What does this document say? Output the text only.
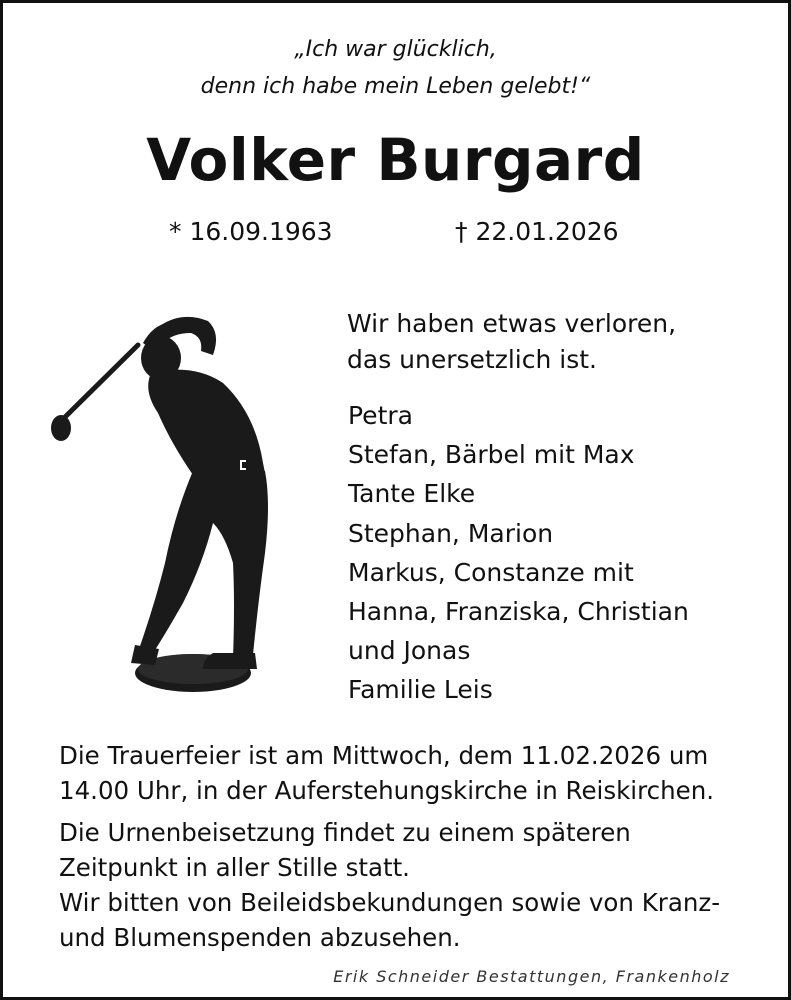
„Ich war glücklich,
denn ich habe mein Leben gelebt!“
Volker Burgard
* 16.09.1963	† 22.01.2026
Wir haben etwas verloren,
das unersetzlich ist.
Petra
Stefan, Bärbel mit Max
Tante Elke
Stephan, Marion
Markus, Constanze mit
Hanna, Franziska, Christian
und Jonas
Familie Leis
Die Trauerfeier ist am Mittwoch, dem 11.02.2026 um
14.00 Uhr, in der Auferstehungskirche in Reiskirchen.
Die Urnenbeisetzung findet zu einem späteren
Zeitpunkt in aller Stille statt.
Wir bitten von Beileidsbekundungen sowie von Kranz-
und Blumenspenden abzusehen.
Erik Schneider Bestattungen, Frankenholz
